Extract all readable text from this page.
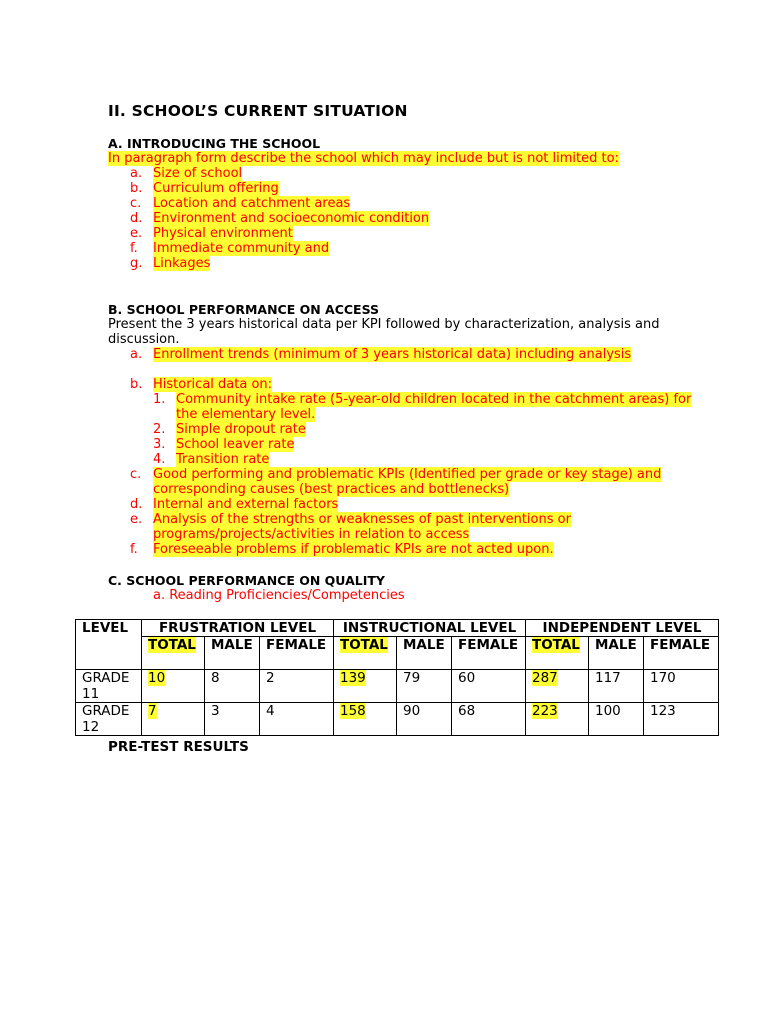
II. SCHOOL’S CURRENT SITUATION
A. INTRODUCING THE SCHOOL
In paragraph form describe the school which may include but is not limited to:
a. Size of school
b. Curriculum offering
c. Location and catchment areas
d. Environment and socioeconomic condition
e. Physical environment
f. Immediate community and
g. Linkages
B. SCHOOL PERFORMANCE ON ACCESS
Present the 3 years historical data per KPI followed by characterization, analysis and
discussion.
a. Enrollment trends (minimum of 3 years historical data) including analysis
b. Historical data on:
1. Community intake rate (5-year-old children located in the catchment areas) for
the elementary level.
2. Simple dropout rate
3. School leaver rate
4. Transition rate
c. Good performing and problematic KPIs (Identified per grade or key stage) and
corresponding causes (best practices and bottlenecks)
d. Internal and external factors
e. Analysis of the strengths or weaknesses of past interventions or
programs/projects/activities in relation to access
f. Foreseeable problems if problematic KPIs are not acted upon.
C. SCHOOL PERFORMANCE ON QUALITY
a. Reading Proficiencies/Competencies
LEVEL	FRUSTRATION LEVEL			INSTRUCTIONAL LEVEL			INDEPENDENT LEVEL		
	TOTAL	MALE	FEMALE	TOTAL	MALE	FEMALE	TOTAL	MALE	FEMALE
GRADE 11	10	8	2	139	79	60	287	117	170
GRADE 12	7	3	4	158	90	68	223	100	123
PRE-TEST RESULTS
